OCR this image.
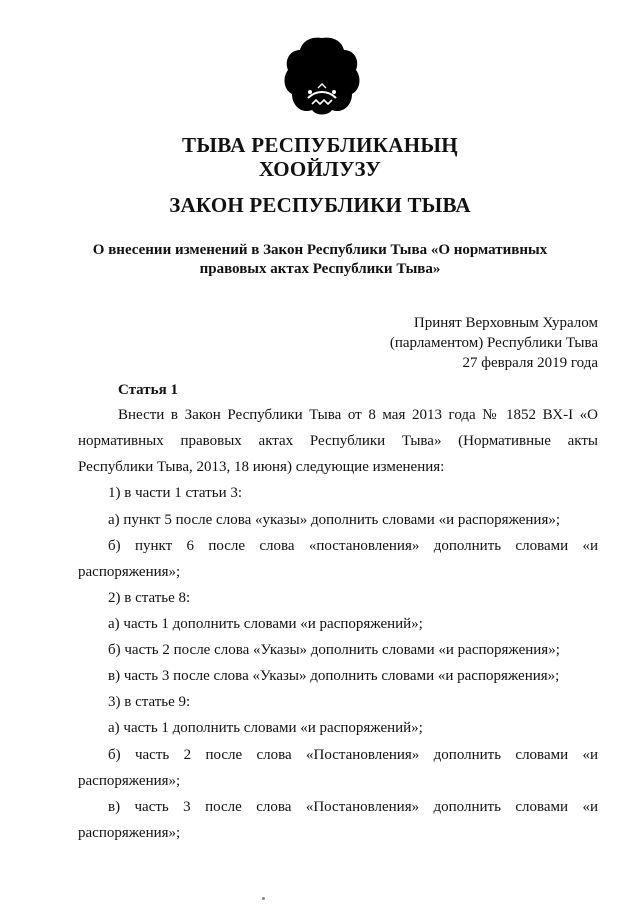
ТЫВА РЕСПУБЛИКАНЫҢ
ХООЙЛУЗУ
ЗАКОН РЕСПУБЛИКИ ТЫВА
О внесении изменений в Закон Республики Тыва «О нормативных
правовых актах Республики Тыва»
Принят Верховным Хуралом
(парламентом) Республики Тыва
27 февраля 2019 года
Статья 1
Внести в Закон Республики Тыва от 8 мая 2013 года № 1852 ВХ-I «О
нормативных правовых актах Республики Тыва» (Нормативные акты
Республики Тыва, 2013, 18 июня) следующие изменения:
1) в части 1 статьи 3:
а) пункт 5 после слова «указы» дополнить словами «и распоряжения»;
б) пункт 6 после слова «постановления» дополнить словами «и
распоряжения»;
2) в статье 8:
а) часть 1 дополнить словами «и распоряжений»;
б) часть 2 после слова «Указы» дополнить словами «и распоряжения»;
в) часть 3 после слова «Указы» дополнить словами «и распоряжения»;
3) в статье 9:
а) часть 1 дополнить словами «и распоряжений»;
б) часть 2 после слова «Постановления» дополнить словами «и
распоряжения»;
в) часть 3 после слова «Постановления» дополнить словами «и
распоряжения»;
